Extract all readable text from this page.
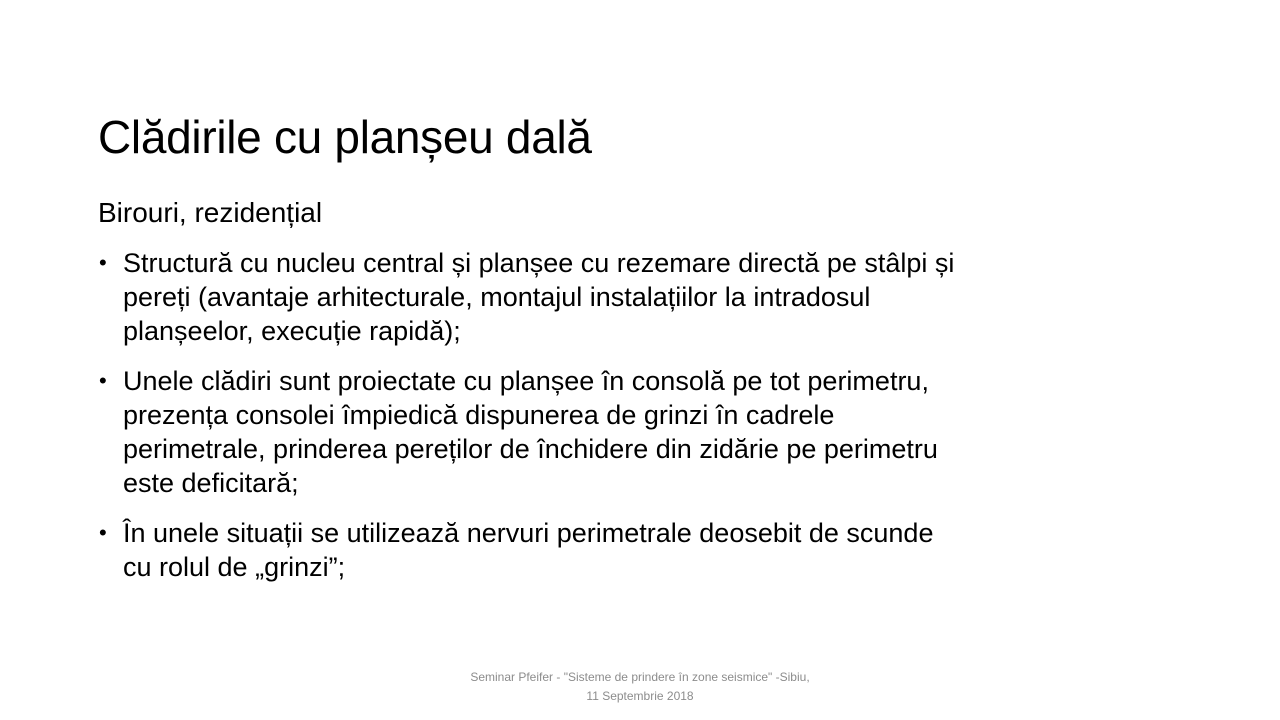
Clădirile cu planșeu dală

Birouri, rezidențial

• Structură cu nucleu central și planșee cu rezemare directă pe stâlpi și
pereți (avantaje arhitecturale, montajul instalațiilor la intradosul
planșeelor, execuție rapidă);
• Unele clădiri sunt proiectate cu planșee în consolă pe tot perimetru,
prezența consolei împiedică dispunerea de grinzi în cadrele
perimetrale, prinderea pereților de închidere din zidărie pe perimetru
este deficitară;
• În unele situații se utilizează nervuri perimetrale deosebit de scunde
cu rolul de „grinzi”;
Seminar Pfeifer - "Sisteme de prindere în zone seismice" -Sibiu,
11 Septembrie 2018
